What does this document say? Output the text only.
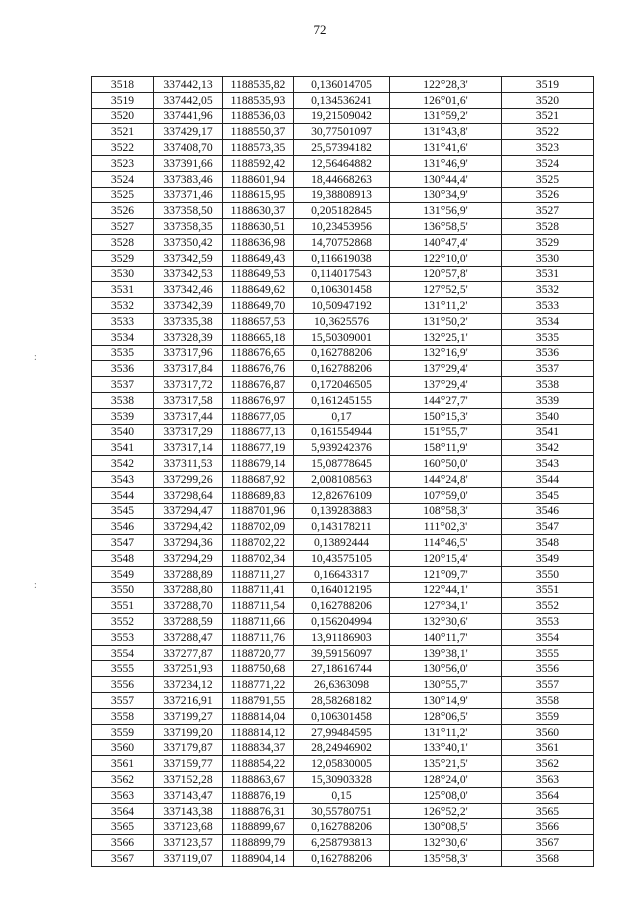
72
:
:
3518	337442,13	1188535,82	0,136014705	122°28,3'	3519
3519	337442,05	1188535,93	0,134536241	126°01,6'	3520
3520	337441,96	1188536,03	19,21509042	131°59,2'	3521
3521	337429,17	1188550,37	30,77501097	131°43,8'	3522
3522	337408,70	1188573,35	25,57394182	131°41,6'	3523
3523	337391,66	1188592,42	12,56464882	131°46,9'	3524
3524	337383,46	1188601,94	18,44668263	130°44,4'	3525
3525	337371,46	1188615,95	19,38808913	130°34,9'	3526
3526	337358,50	1188630,37	0,205182845	131°56,9'	3527
3527	337358,35	1188630,51	10,23453956	136°58,5'	3528
3528	337350,42	1188636,98	14,70752868	140°47,4'	3529
3529	337342,59	1188649,43	0,116619038	122°10,0'	3530
3530	337342,53	1188649,53	0,114017543	120°57,8'	3531
3531	337342,46	1188649,62	0,106301458	127°52,5'	3532
3532	337342,39	1188649,70	10,50947192	131°11,2'	3533
3533	337335,38	1188657,53	10,3625576	131°50,2'	3534
3534	337328,39	1188665,18	15,50309001	132°25,1'	3535
3535	337317,96	1188676,65	0,162788206	132°16,9'	3536
3536	337317,84	1188676,76	0,162788206	137°29,4'	3537
3537	337317,72	1188676,87	0,172046505	137°29,4'	3538
3538	337317,58	1188676,97	0,161245155	144°27,7'	3539
3539	337317,44	1188677,05	0,17	150°15,3'	3540
3540	337317,29	1188677,13	0,161554944	151°55,7'	3541
3541	337317,14	1188677,19	5,939242376	158°11,9'	3542
3542	337311,53	1188679,14	15,08778645	160°50,0'	3543
3543	337299,26	1188687,92	2,008108563	144°24,8'	3544
3544	337298,64	1188689,83	12,82676109	107°59,0'	3545
3545	337294,47	1188701,96	0,139283883	108°58,3'	3546
3546	337294,42	1188702,09	0,143178211	111°02,3'	3547
3547	337294,36	1188702,22	0,13892444	114°46,5'	3548
3548	337294,29	1188702,34	10,43575105	120°15,4'	3549
3549	337288,89	1188711,27	0,16643317	121°09,7'	3550
3550	337288,80	1188711,41	0,164012195	122°44,1'	3551
3551	337288,70	1188711,54	0,162788206	127°34,1'	3552
3552	337288,59	1188711,66	0,156204994	132°30,6'	3553
3553	337288,47	1188711,76	13,91186903	140°11,7'	3554
3554	337277,87	1188720,77	39,59156097	139°38,1'	3555
3555	337251,93	1188750,68	27,18616744	130°56,0'	3556
3556	337234,12	1188771,22	26,6363098	130°55,7'	3557
3557	337216,91	1188791,55	28,58268182	130°14,9'	3558
3558	337199,27	1188814,04	0,106301458	128°06,5'	3559
3559	337199,20	1188814,12	27,99484595	131°11,2'	3560
3560	337179,87	1188834,37	28,24946902	133°40,1'	3561
3561	337159,77	1188854,22	12,05830005	135°21,5'	3562
3562	337152,28	1188863,67	15,30903328	128°24,0'	3563
3563	337143,47	1188876,19	0,15	125°08,0'	3564
3564	337143,38	1188876,31	30,55780751	126°52,2'	3565
3565	337123,68	1188899,67	0,162788206	130°08,5'	3566
3566	337123,57	1188899,79	6,258793813	132°30,6'	3567
3567	337119,07	1188904,14	0,162788206	135°58,3'	3568
